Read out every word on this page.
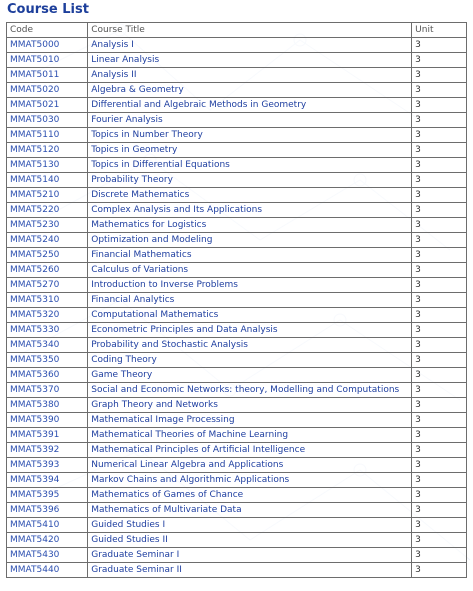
Course List
Code	Course Title	Unit
MMAT5000	Analysis I	3
MMAT5010	Linear Analysis	3
MMAT5011	Analysis II	3
MMAT5020	Algebra & Geometry	3
MMAT5021	Differential and Algebraic Methods in Geometry	3
MMAT5030	Fourier Analysis	3
MMAT5110	Topics in Number Theory	3
MMAT5120	Topics in Geometry	3
MMAT5130	Topics in Differential Equations	3
MMAT5140	Probability Theory	3
MMAT5210	Discrete Mathematics	3
MMAT5220	Complex Analysis and Its Applications	3
MMAT5230	Mathematics for Logistics	3
MMAT5240	Optimization and Modeling	3
MMAT5250	Financial Mathematics	3
MMAT5260	Calculus of Variations	3
MMAT5270	Introduction to Inverse Problems	3
MMAT5310	Financial Analytics	3
MMAT5320	Computational Mathematics	3
MMAT5330	Econometric Principles and Data Analysis	3
MMAT5340	Probability and Stochastic Analysis	3
MMAT5350	Coding Theory	3
MMAT5360	Game Theory	3
MMAT5370	Social and Economic Networks: theory, Modelling and Computations	3
MMAT5380	Graph Theory and Networks	3
MMAT5390	Mathematical Image Processing	3
MMAT5391	Mathematical Theories of Machine Learning	3
MMAT5392	Mathematical Principles of Artificial Intelligence	3
MMAT5393	Numerical Linear Algebra and Applications	3
MMAT5394	Markov Chains and Algorithmic Applications	3
MMAT5395	Mathematics of Games of Chance	3
MMAT5396	Mathematics of Multivariate Data	3
MMAT5410	Guided Studies I	3
MMAT5420	Guided Studies II	3
MMAT5430	Graduate Seminar I	3
MMAT5440	Graduate Seminar II	3
